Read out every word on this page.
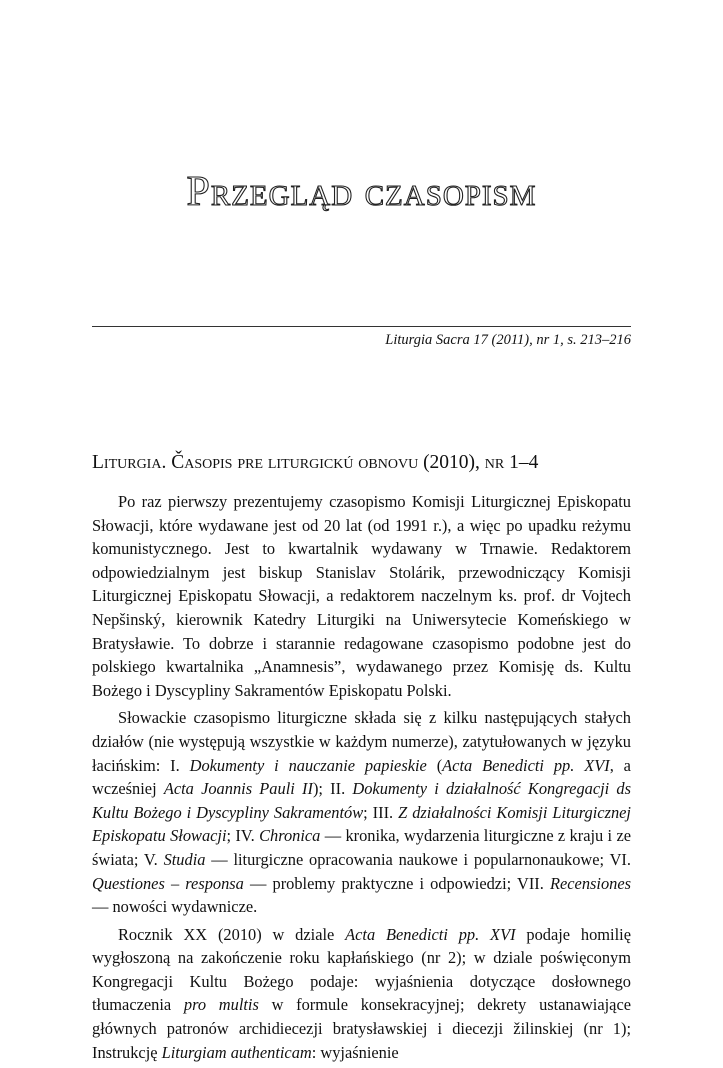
Przegląd czasopism
Liturgia Sacra 17 (2011), nr 1, s. 213–216
Liturgia. Časopis pre liturgickú obnovu (2010), nr 1–4

Po raz pierwszy prezentujemy czasopismo Komisji Liturgicznej Episkopatu Słowacji, które wydawane jest od 20 lat (od 1991 r.), a więc po upadku reżymu komunistycznego. Jest to kwartalnik wydawany w Trnawie. Redaktorem odpowiedzialnym jest biskup Stanislav Stolárik, przewodniczący Komisji Liturgicznej Episkopatu Słowacji, a redaktorem naczelnym ks. prof. dr Vojtech Nepšinský, kierownik Katedry Liturgiki na Uniwersytecie Komeńskiego w Bratysławie. To dobrze i starannie redagowane czasopismo podobne jest do polskiego kwartalnika „Anamnesis”, wydawanego przez Komisję ds. Kultu Bożego i Dyscypliny Sakramentów Episkopatu Polski.

Słowackie czasopismo liturgiczne składa się z kilku następujących stałych działów (nie występują wszystkie w każdym numerze), zatytułowanych w języku łacińskim: I. Dokumenty i nauczanie papieskie (Acta Benedicti pp. XVI, a wcześniej Acta Joannis Pauli II); II. Dokumenty i działalność Kongregacji ds Kultu Bożego i Dyscypliny Sakramentów; III. Z działalności Komisji Liturgicznej Episkopatu Słowacji; IV. Chronica — kronika, wydarzenia liturgiczne z kraju i ze świata; V. Studia — liturgiczne opracowania naukowe i popularnonaukowe; VI. Questiones – responsa — problemy praktyczne i odpowiedzi; VII. Recensiones — nowości wydawnicze.

Rocznik XX (2010) w dziale Acta Benedicti pp. XVI podaje homilię wygłoszoną na zakończenie roku kapłańskiego (nr 2); w dziale poświęconym Kongregacji Kultu Bożego podaje: wyjaśnienia dotyczące dosłownego tłumaczenia pro multis w formule konsekracyjnej; dekrety ustanawiające głównych patronów archidiecezji bratysławskiej i diecezji žilinskiej (nr 1); Instrukcję Liturgiam authenticam: wyjaśnienie
